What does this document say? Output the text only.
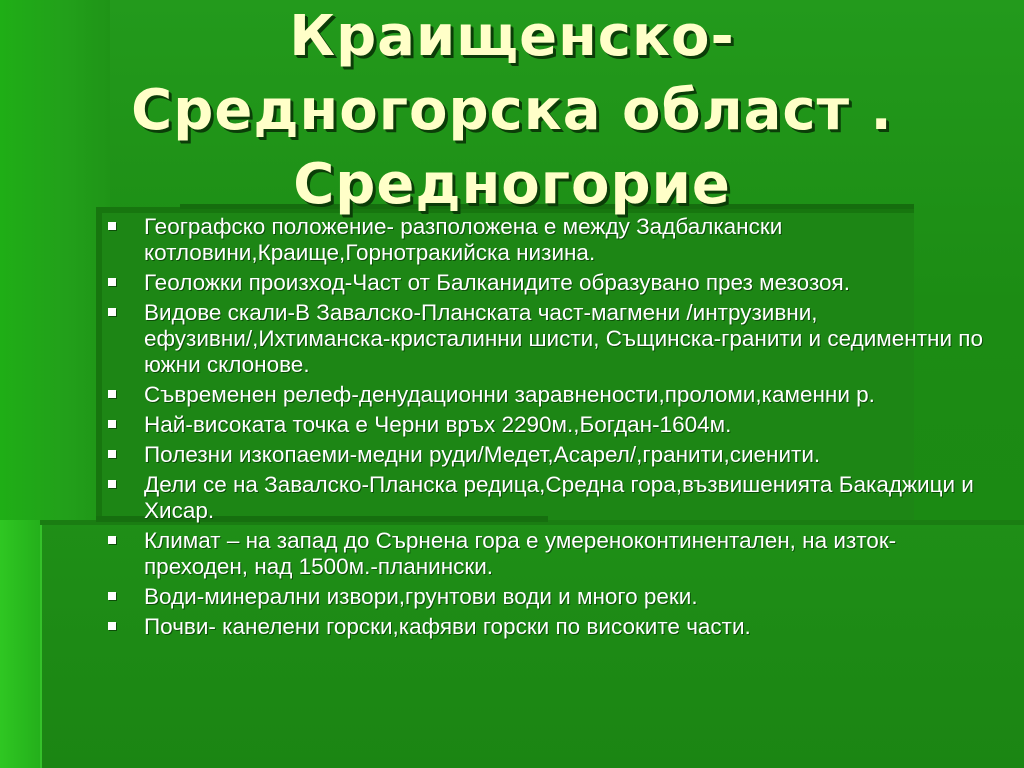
Краищенско-
Средногорска област .
Средногорие
Географско положение- разположена е между Задбалкански котловини,Краище,Горнотракийска низина.
Геоложки произход-Част от Балканидите образувано през мезозоя.
Видове скали-В Завалско-Планската част-магмени /интрузивни, ефузивни/,Ихтиманска-кристалинни шисти, Същинска-гранити и седиментни по южни склонове.
Съвременен релеф-денудационни заравнености,проломи,каменни р.
Най-високата точка е Черни връх 2290м.,Богдан-1604м.
Полезни изкопаеми-медни руди/Медет,Асарел/,гранити,сиенити.
Дели се на Завалско-Планска редица,Средна гора,възвишенията Бакаджици и Хисар.
Климат – на запад до Сърнена гора е умереноконтинентален, на изток-преходен, над 1500м.-планински.
Води-минерални извори,грунтови води и много реки.
Почви- канелени горски,кафяви горски по високите части.
